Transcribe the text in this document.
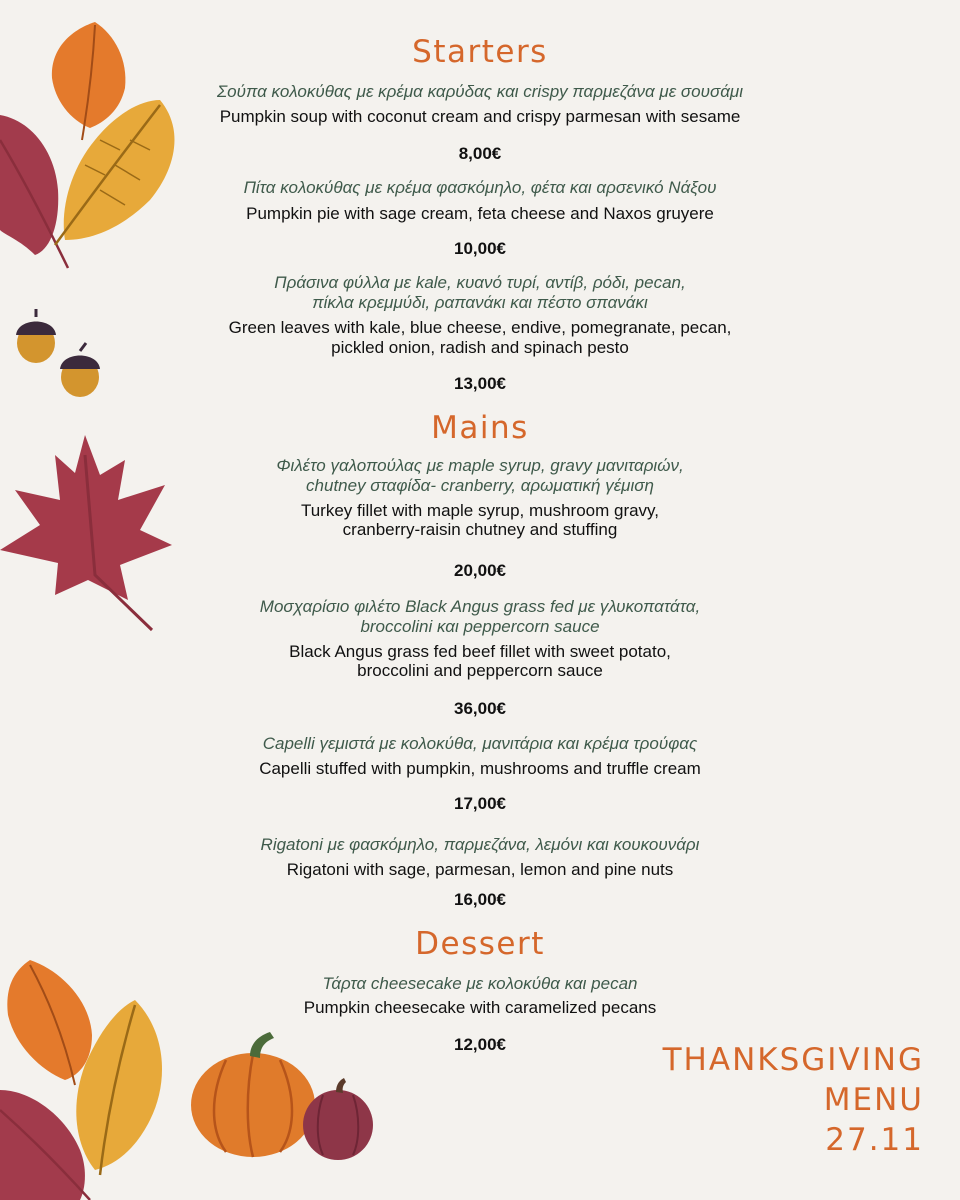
Starters
Σούπα κολοκύθας με κρέμα καρύδας και crispy παρμεζάνα με σουσάμι
Pumpkin soup with coconut cream and crispy parmesan with sesame
8,00€
Πίτα κολοκύθας με κρέμα φασκόμηλο, φέτα και αρσενικό Νάξου
Pumpkin pie with sage cream, feta cheese and Naxos gruyere
10,00€
Πράσινα φύλλα με kale, κυανό τυρί, αντίβ, ρόδι, pecan,
πίκλα κρεμμύδι, ραπανάκι και πέστο σπανάκι
Green leaves with kale, blue cheese, endive, pomegranate, pecan,
pickled onion, radish and spinach pesto
13,00€
Mains
Φιλέτο γαλοπούλας με maple syrup, gravy μανιταριών,
chutney σταφίδα- cranberry, αρωματική γέμιση
Turkey fillet with maple syrup, mushroom gravy,
cranberry-raisin chutney and stuffing
20,00€
Μοσχαρίσιο φιλέτο Black Angus grass fed με γλυκοπατάτα,
broccolini και peppercorn sauce
Black Angus grass fed beef fillet with sweet potato,
broccolini and peppercorn sauce
36,00€
Capelli γεμιστά με κολοκύθα, μανιτάρια και κρέμα τρούφας
Capelli stuffed with pumpkin, mushrooms and truffle cream
17,00€
Rigatoni με φασκόμηλο, παρμεζάνα, λεμόνι και κουκουνάρι
Rigatoni with sage, parmesan, lemon and pine nuts
16,00€
Dessert
Τάρτα cheesecake με κολοκύθα και pecan
Pumpkin cheesecake with caramelized pecans
12,00€	THANKSGIVING
MENU
27.11
